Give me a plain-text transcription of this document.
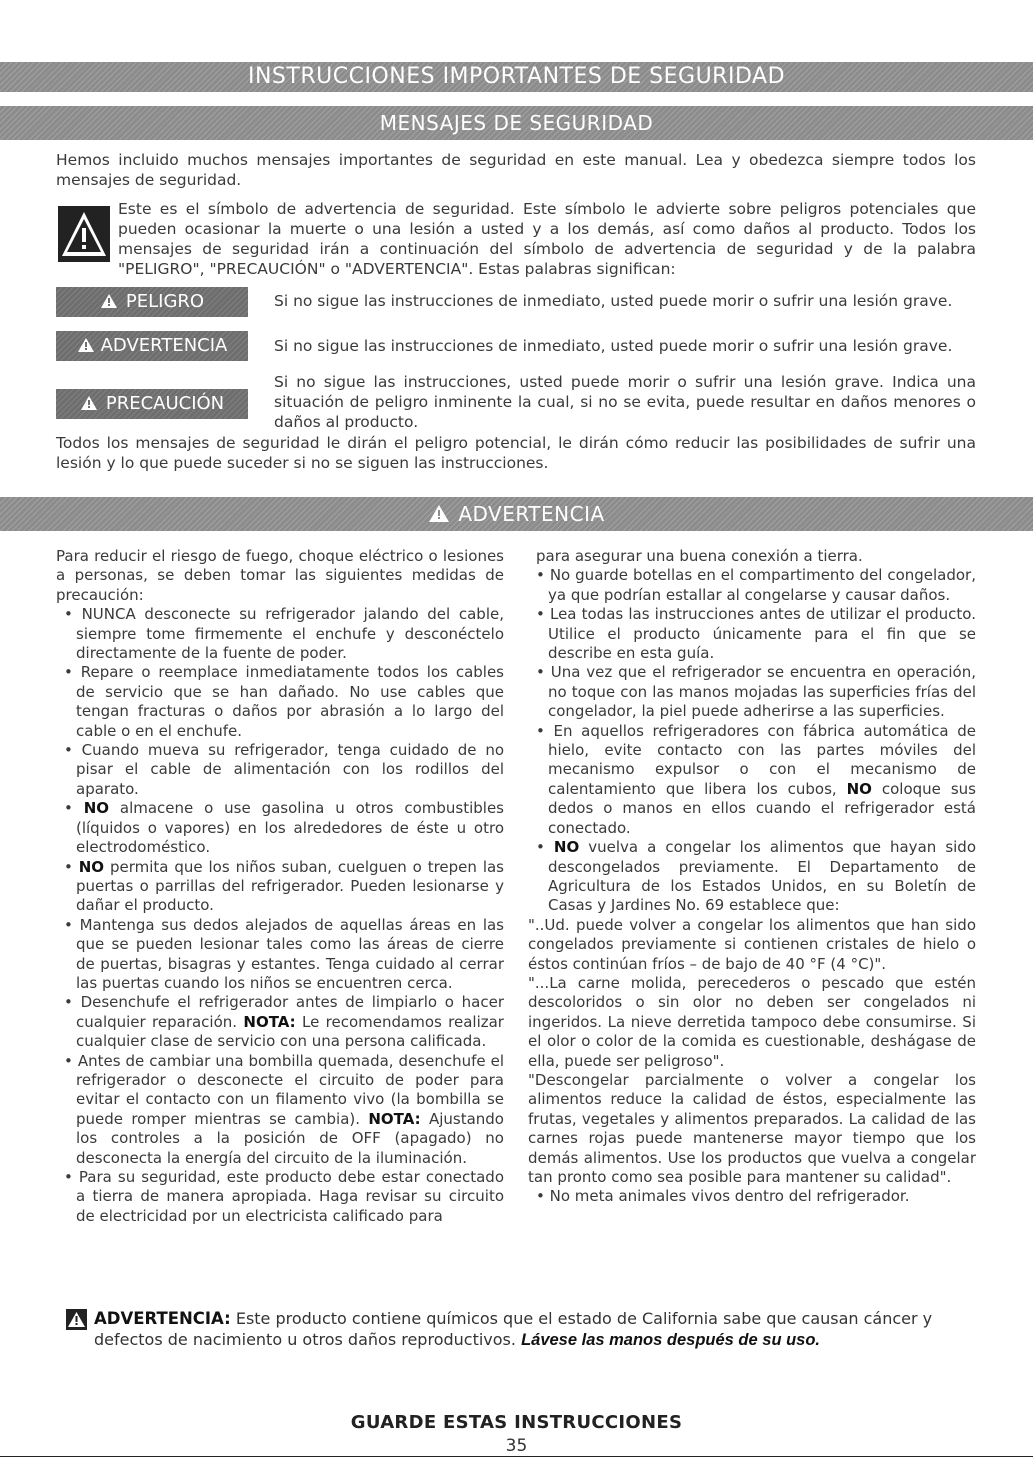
INSTRUCCIONES IMPORTANTES DE SEGURIDAD
MENSAJES DE SEGURIDAD
Hemos incluido muchos mensajes importantes de seguridad en este manual. Lea y obedezca siempre todos los mensajes de seguridad.
Este es el símbolo de advertencia de seguridad. Este símbolo le advierte sobre peligros potenciales que pueden ocasionar la muerte o una lesión a usted y a los demás, así como daños al producto. Todos los mensajes de seguridad irán a continuación del símbolo de advertencia de seguridad y de la palabra "PELIGRO", "PRECAUCIÓN" o "ADVERTENCIA". Estas palabras significan:
PELIGRO	Si no sigue las instrucciones de inmediato, usted puede morir o sufrir una lesión grave.
ADVERTENCIA	Si no sigue las instrucciones de inmediato, usted puede morir o sufrir una lesión grave.
PRECAUCIÓN
Si no sigue las instrucciones, usted puede morir o sufrir una lesión grave. Indica una situación de peligro inminente la cual, si no se evita, puede resultar en daños menores o daños al producto.
Todos los mensajes de seguridad le dirán el peligro potencial, le dirán cómo reducir las posibilidades de sufrir una lesión y lo que puede suceder si no se siguen las instrucciones.
ADVERTENCIA

Para reducir el riesgo de fuego, choque eléctrico o lesiones a personas, se deben tomar las siguientes medidas de precaución:

• NUNCA desconecte su refrigerador jalando del cable, siempre tome firmemente el enchufe y desconéctelo directamente de la fuente de poder.

• Repare o reemplace inmediatamente todos los cables de servicio que se han dañado. No use cables que tengan fracturas o daños por abrasión a lo largo del cable o en el enchufe.

• Cuando mueva su refrigerador, tenga cuidado de no pisar el cable de alimentación con los rodillos del aparato.

• NO almacene o use gasolina u otros combustibles (líquidos o vapores) en los alrededores de éste u otro electrodoméstico.

• NO permita que los niños suban, cuelguen o trepen las puertas o parrillas del refrigerador. Pueden lesionarse y dañar el producto.

• Mantenga sus dedos alejados de aquellas áreas en las que se pueden lesionar tales como las áreas de cierre de puertas, bisagras y estantes. Tenga cuidado al cerrar las puertas cuando los niños se encuentren cerca.

• Desenchufe el refrigerador antes de limpiarlo o hacer cualquier reparación. NOTA: Le recomendamos realizar cualquier clase de servicio con una persona calificada.

• Antes de cambiar una bombilla quemada, desenchufe el refrigerador o desconecte el circuito de poder para evitar el contacto con un filamento vivo (la bombilla se puede romper mientras se cambia). NOTA: Ajustando los controles a la posición de OFF (apagado) no desconecta la energía del circuito de la iluminación.

• Para su seguridad, este producto debe estar conectado a tierra de manera apropiada. Haga revisar su circuito de electricidad por un electricista calificado para

para asegurar una buena conexión a tierra.

• No guarde botellas en el compartimento del congelador, ya que podrían estallar al congelarse y causar daños.

• Lea todas las instrucciones antes de utilizar el producto. Utilice el producto únicamente para el fin que se describe en esta guía.

• Una vez que el refrigerador se encuentra en operación, no toque con las manos mojadas las superficies frías del congelador, la piel puede adherirse a las superficies.

• En aquellos refrigeradores con fábrica automática de hielo, evite contacto con las partes móviles del mecanismo expulsor o con el mecanismo de calentamiento que libera los cubos, NO coloque sus dedos o manos en ellos cuando el refrigerador está conectado.

• NO vuelva a congelar los alimentos que hayan sido descongelados previamente. El Departamento de Agricultura de los Estados Unidos, en su Boletín de Casas y Jardines No. 69 establece que:

"..Ud. puede volver a congelar los alimentos que han sido congelados previamente si contienen cristales de hielo o éstos continúan fríos – de bajo de 40 °F (4 °C)".

"...La carne molida, perecederos o pescado que estén descoloridos o sin olor no deben ser congelados ni ingeridos. La nieve derretida tampoco debe consumirse. Si el olor o color de la comida es cuestionable, deshágase de ella, puede ser peligroso".

"Descongelar parcialmente o volver a congelar los alimentos reduce la calidad de éstos, especialmente las frutas, vegetales y alimentos preparados. La calidad de las carnes rojas puede mantenerse mayor tiempo que los demás alimentos. Use los productos que vuelva a congelar tan pronto como sea posible para mantener su calidad".

• No meta animales vivos dentro del refrigerador.

ADVERTENCIA: Este producto contiene químicos que el estado de California sabe que causan cáncer y defectos de nacimiento u otros daños reproductivos. Lávese las manos después de su uso.
GUARDE ESTAS INSTRUCCIONES
35
